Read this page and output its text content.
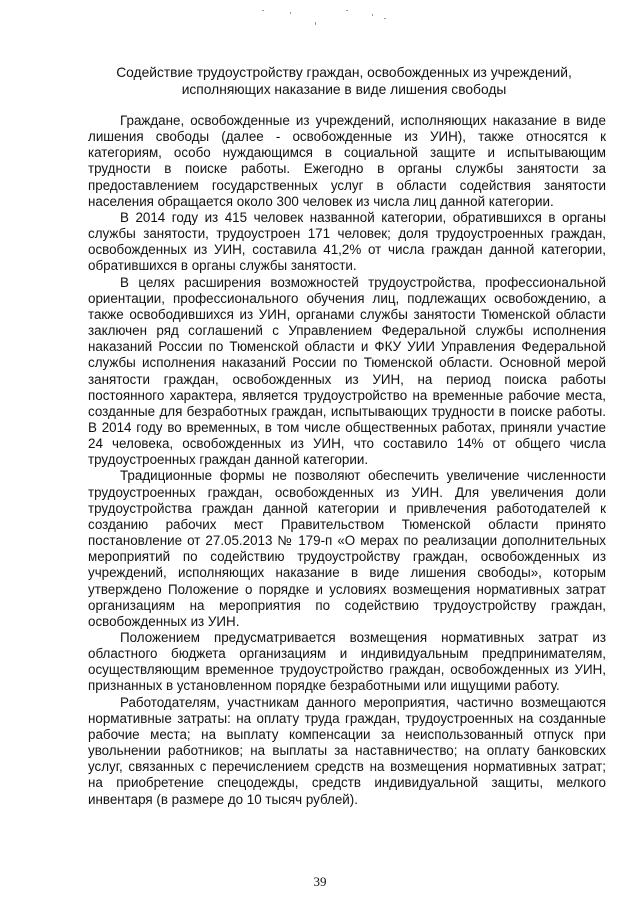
Содействие трудоустройству граждан, освобожденных из учреждений,
исполняющих наказание в виде лишения свободы

Граждане, освобожденные из учреждений, исполняющих наказание в виде лишения свободы (далее - освобожденные из УИН), также относятся к категориям, особо нуждающимся в социальной защите и испытывающим трудности в поиске работы. Ежегодно в органы службы занятости за предоставлением государственных услуг в области содействия занятости населения обращается около 300 человек из числа лиц данной категории.

В 2014 году из 415 человек названной категории, обратившихся в органы службы занятости, трудоустроен 171 человек; доля трудоустроенных граждан, освобожденных из УИН, составила 41,2% от числа граждан данной категории, обратившихся в органы службы занятости.

В целях расширения возможностей трудоустройства, профессиональной ориентации, профессионального обучения лиц, подлежащих освобождению, а также освободившихся из УИН, органами службы занятости Тюменской области заключен ряд соглашений с Управлением Федеральной службы исполнения наказаний России по Тюменской области и ФКУ УИИ Управления Федеральной службы исполнения наказаний России по Тюменской области. Основной мерой занятости граждан, освобожденных из УИН, на период поиска работы постоянного характера, является трудоустройство на временные рабочие места, созданные для безработных граждан, испытывающих трудности в поиске работы. В 2014 году во временных, в том числе общественных работах, приняли участие 24 человека, освобожденных из УИН, что составило 14% от общего числа трудоустроенных граждан данной категории.

Традиционные формы не позволяют обеспечить увеличение численности трудоустроенных граждан, освобожденных из УИН. Для увеличения доли трудоустройства граждан данной категории и привлечения работодателей к созданию рабочих мест Правительством Тюменской области принято постановление от 27.05.2013 № 179-п «О мерах по реализации дополнительных мероприятий по содействию трудоустройству граждан, освобожденных из учреждений, исполняющих наказание в виде лишения свободы», которым утверждено Положение о порядке и условиях возмещения нормативных затрат организациям на мероприятия по содействию трудоустройству граждан, освобожденных из УИН.

Положением предусматривается возмещения нормативных затрат из областного бюджета организациям и индивидуальным предпринимателям, осуществляющим временное трудоустройство граждан, освобожденных из УИН, признанных в установленном порядке безработными или ищущими работу.

Работодателям, участникам данного мероприятия, частично возмещаются нормативные затраты: на оплату труда граждан, трудоустроенных на созданные рабочие места; на выплату компенсации за неиспользованный отпуск при увольнении работников; на выплаты за наставничество; на оплату банковских услуг, связанных с перечислением средств на возмещения нормативных затрат; на приобретение спецодежды, средств индивидуальной защиты, мелкого инвентаря (в размере до 10 тысяч рублей).

39
